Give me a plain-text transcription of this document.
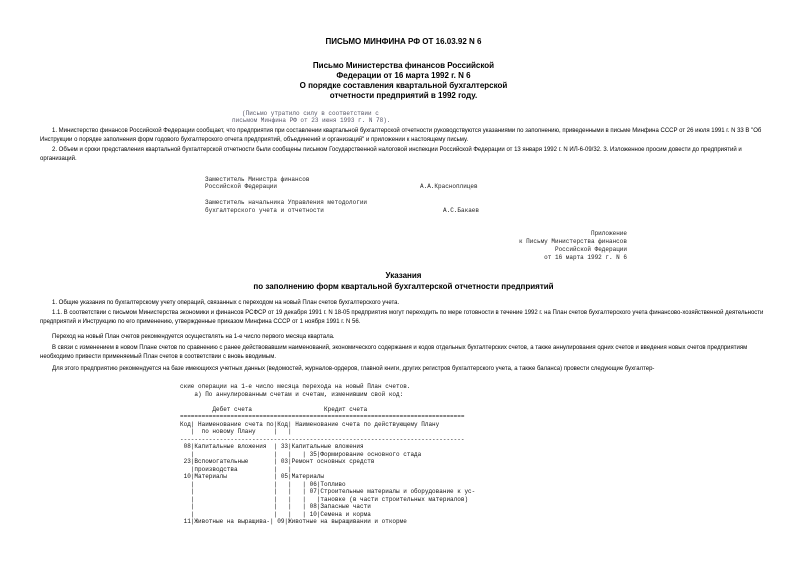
ПИСЬМО МИНФИНА РФ ОТ 16.03.92 N 6
Письмо Министерства финансов Российской
Федерации от 16 марта 1992 г. N 6
О порядке составления квартальной бухгалтерской
отчетности предприятий в 1992 году.
(Письмо утратило силу в соответствии с
письмом Минфина РФ от 23 июня 1993 г. N 78).
1. Министерство финансов Российской Федерации сообщает, что предприятия при составлении квартальной бухгалтерской отчетности руководствуются указаниями по заполнению, приведенными в письме Минфина СССР от 26 июля 1991 г. N 33 В "Об Инструкции о порядке заполнения форм годового бухгалтерского отчета предприятий, объединений и организаций" и приложении к настоящему письму.
2. Объем и сроки представления квартальной бухгалтерской отчетности были сообщены письмом Государственной налоговой инспекции Российской Федерации от 13 января 1992 г. N ИЛ-6-09/32. 3. Изложенное просим довести до предприятий и организаций.
Заместитель Министра финансов
Российской Федерации	А.А.Красноплицев
Заместитель начальника Управления методологии
бухгалтерского учета и отчетности	А.С.Бакаев
Приложение
к Письму Министерства финансов
Российской Федерации
от 16 марта 1992 г. N 6
Указания
по заполнению форм квартальной бухгалтерской отчетности предприятий
1. Общие указания по бухгалтерскому учету операций, связанных с переходом на новый План счетов бухгалтерского учета.
1.1. В соответствии с письмом Министерства экономики и финансов РСФСР от 19 декабря 1991 г. N 18-05 предприятия могут переходить по мере готовности в течение 1992 г. на План счетов бухгалтерского учета финансово-хозяйственной деятельности предприятий и Инструкцию по его применению, утвержденные приказом Минфина СССР от 1 ноября 1991 г. N 56.
Переход на новый План счетов рекомендуется осуществлять на 1-е число первого месяца квартала.
В связи с изменением в новом Плане счетов по сравнению с ранее действовавшим наименований, экономического содержания и кодов отдельных бухгалтерских счетов, а также аннулирования одних счетов и введения новых счетов предприятиям необходимо привести применяемый План счетов в соответствии с вновь вводимым.
Для этого предприятию рекомендуется на базе имеющихся учетных данных (ведомостей, журналов-ордеров, главной книги, других регистров бухгалтерского учета, а также баланса) провести следующие бухгалтер-
ские операции на 1-е число месяца перехода на новый План счетов.
а) По аннулированным счетам и счетам, изменившим свой код:

Дебет счета                    Кредит счета
===============================================================================
Код| Наименование счета по|Код| Наименование счета по действующему Плану
|  по новому Плану     |   |
-------------------------------------------------------------------------------
08|Капитальные вложения  | 33|Капитальные вложения
|                      |   |   | 35|Формирование основного стада
23|Вспомогательные       | 03|Ремонт основных средств
|производства          |   |
10|Материалы             | 05|Материалы
|                      |   |   | 06|Топливо
|                      |   |   | 07|Строительные материалы и оборудование к ус-
|                      |   |   |   |тановке (в части строительных материалов)
|                      |   |   | 08|Запасные части
|                      |   |   | 10|Семена и корма
11|Животные на выращива-| 09|Животные на выращивании и откорме
